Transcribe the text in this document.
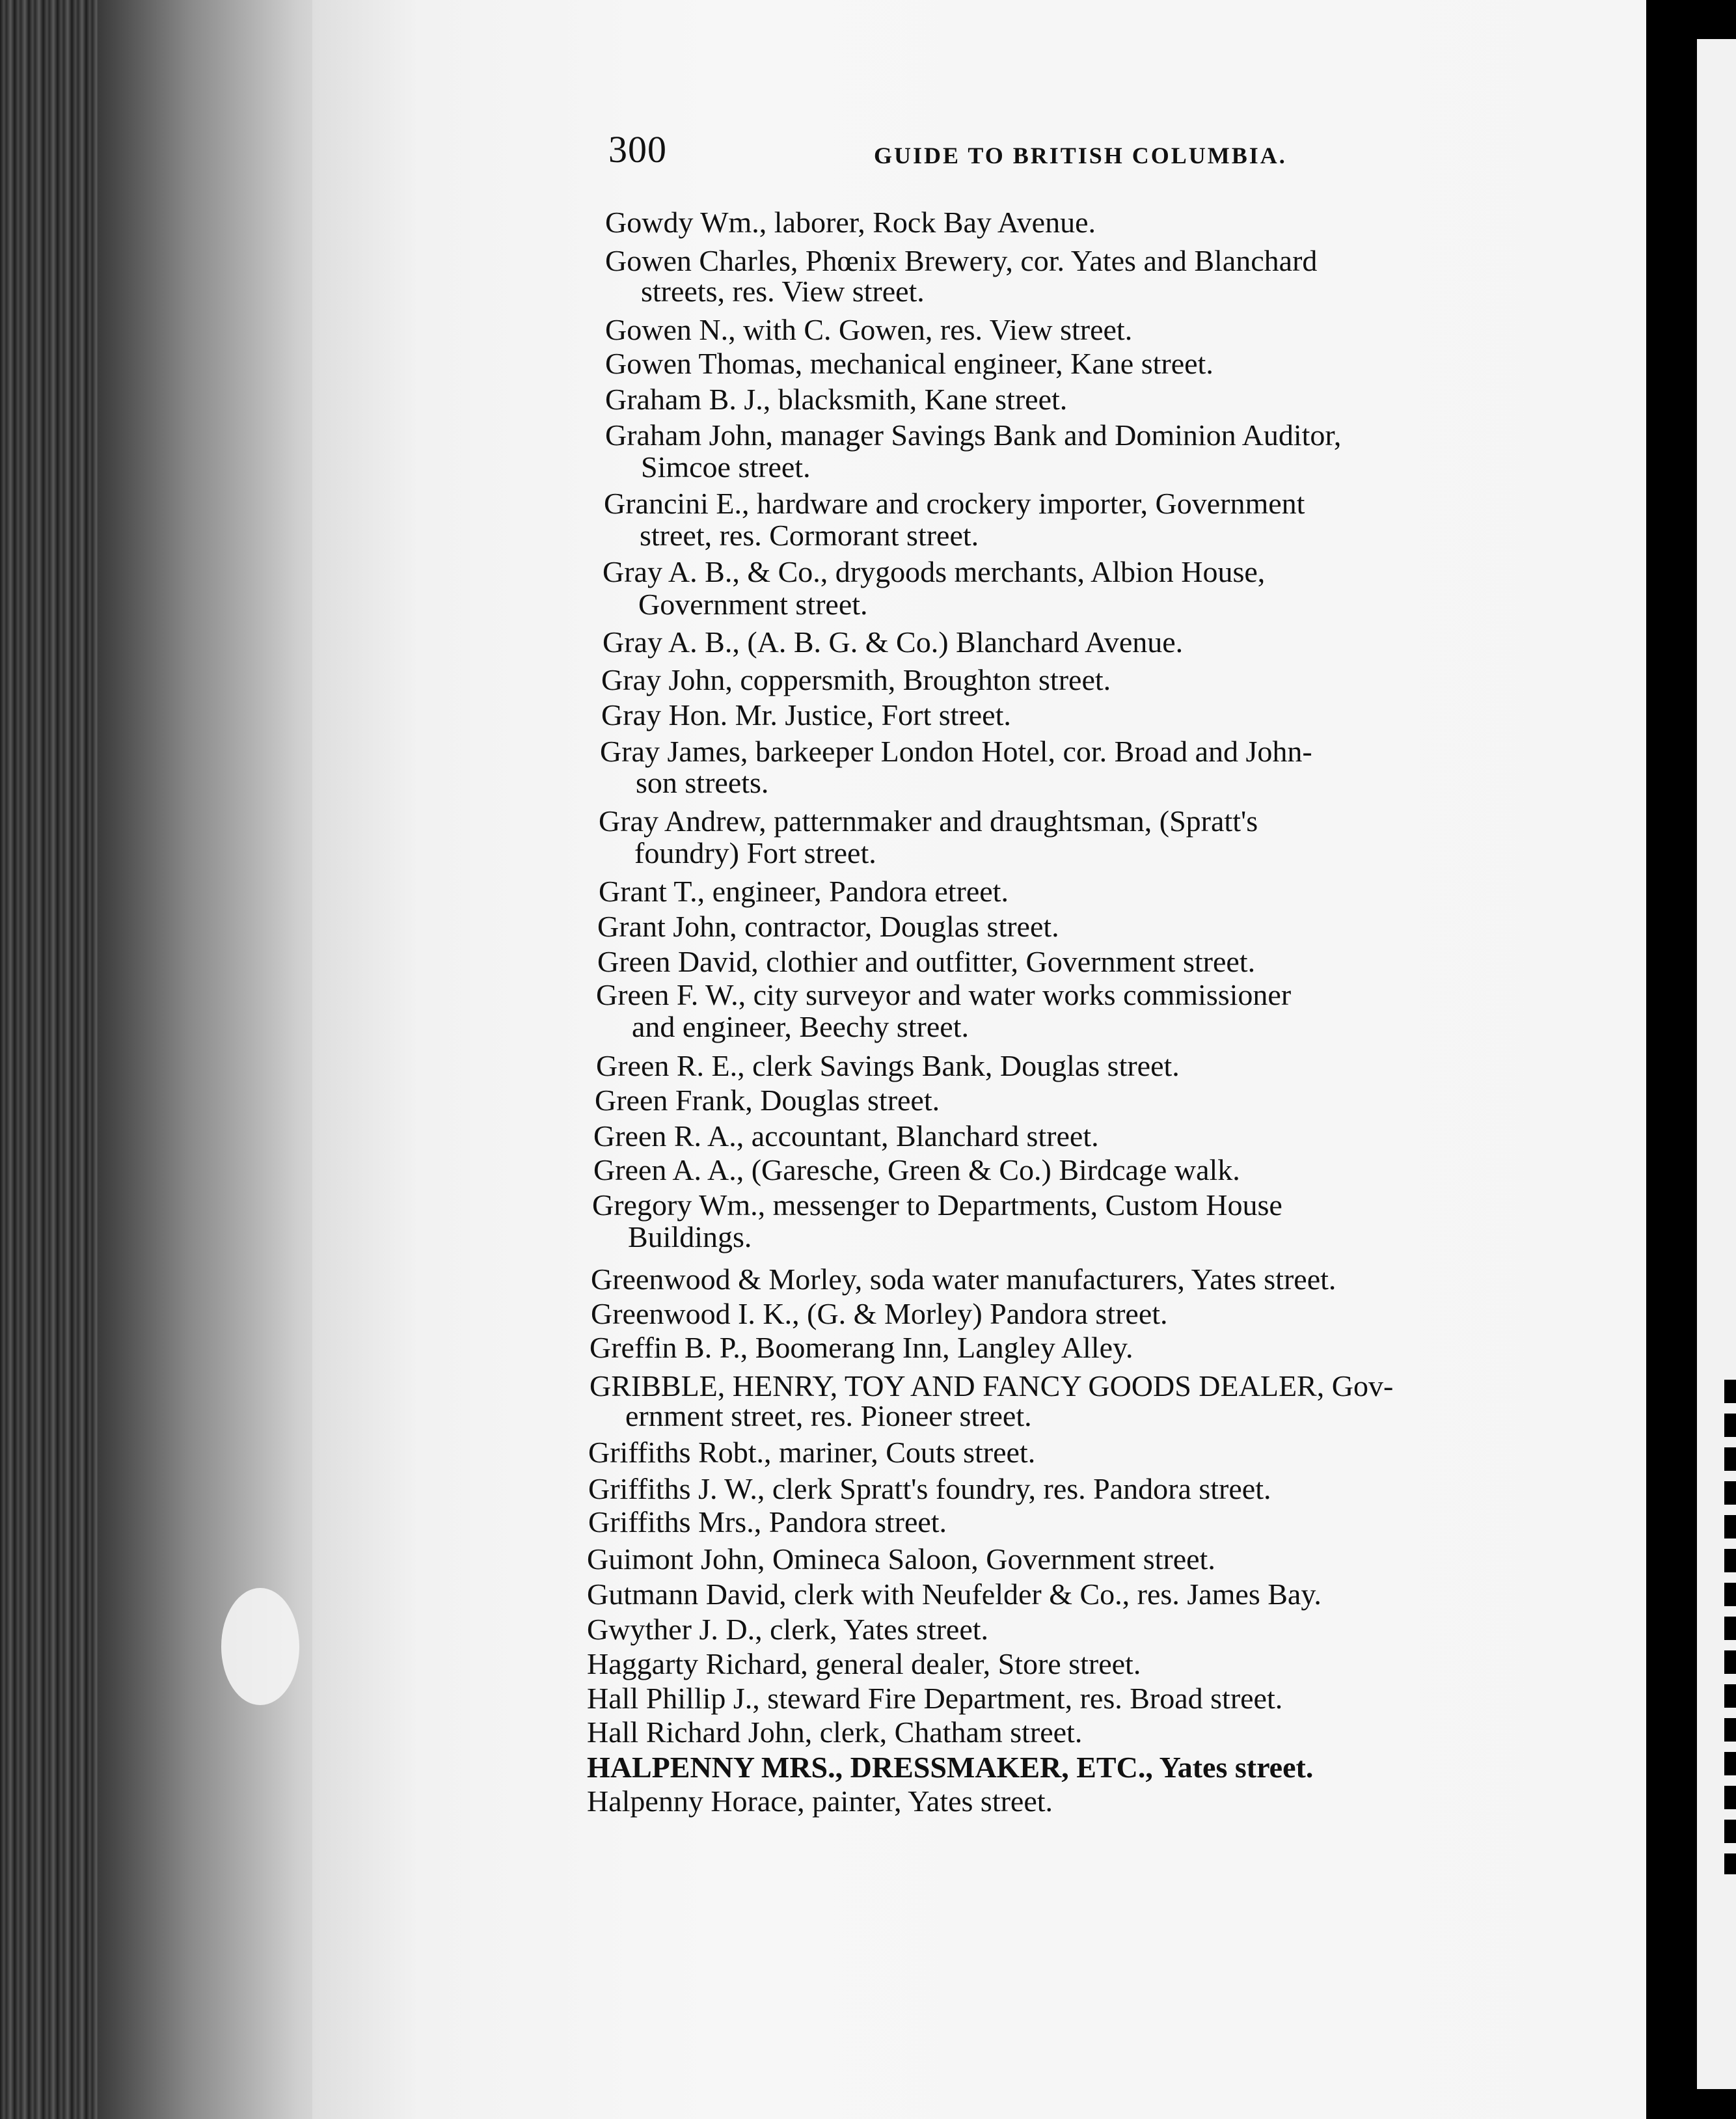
300	GUIDE TO BRITISH COLUMBIA.
Gowdy Wm., laborer, Rock Bay Avenue.
Gowen Charles, Phœnix Brewery, cor. Yates and Blanchard
streets, res. View street.
Gowen N., with C. Gowen, res. View street.
Gowen Thomas, mechanical engineer, Kane street.
Graham B. J., blacksmith, Kane street.
Graham John, manager Savings Bank and Dominion Auditor,
Simcoe street.
Grancini E., hardware and crockery importer, Government
street, res. Cormorant street.
Gray A. B., & Co., drygoods merchants, Albion House,
Government street.
Gray A. B., (A. B. G. & Co.) Blanchard Avenue.
Gray John, coppersmith, Broughton street.
Gray Hon. Mr. Justice, Fort street.
Gray James, barkeeper London Hotel, cor. Broad and John-
son streets.
Gray Andrew, patternmaker and draughtsman, (Spratt's
foundry) Fort street.
Grant T., engineer, Pandora etreet.
Grant John, contractor, Douglas street.
Green David, clothier and outfitter, Government street.
Green F. W., city surveyor and water works commissioner
and engineer, Beechy street.
Green R. E., clerk Savings Bank, Douglas street.
Green Frank, Douglas street.
Green R. A., accountant, Blanchard street.
Green A. A., (Garesche, Green & Co.) Birdcage walk.
Gregory Wm., messenger to Departments, Custom House
Buildings.
Greenwood & Morley, soda water manufacturers, Yates street.
Greenwood I. K., (G. & Morley) Pandora street.
Greffin B. P., Boomerang Inn, Langley Alley.
GRIBBLE, HENRY, TOY AND FANCY GOODS DEALER, Gov-
ernment street, res. Pioneer street.
Griffiths Robt., mariner, Couts street.
Griffiths J. W., clerk Spratt's foundry, res. Pandora street.
Griffiths Mrs., Pandora street.
Guimont John, Omineca Saloon, Government street.
Gutmann David, clerk with Neufelder & Co., res. James Bay.
Gwyther J. D., clerk, Yates street.
Haggarty Richard, general dealer, Store street.
Hall Phillip J., steward Fire Department, res. Broad street.
Hall Richard John, clerk, Chatham street.
HALPENNY MRS., DRESSMAKER, ETC., Yates street.
Halpenny Horace, painter, Yates street.
